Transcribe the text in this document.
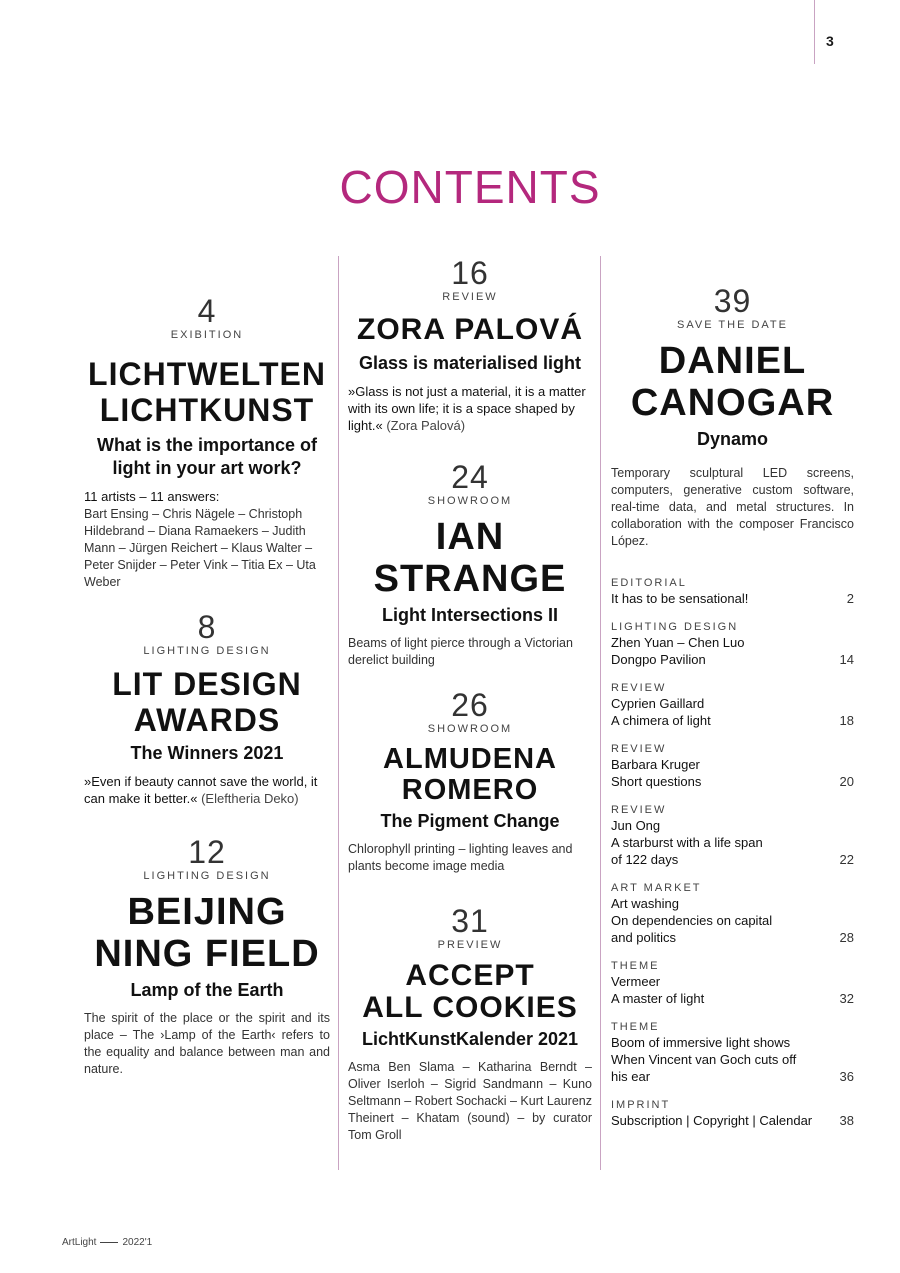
3
CONTENTS
4
EXIBITION
LICHTWELTEN
LICHTKUNST
What is the importance of
light in your art work?
11 artists – 11 answers:
Bart Ensing – Chris Nägele – Christoph Hildebrand – Diana Ramaekers – Judith Mann – Jürgen Reichert – Klaus Walter – Peter Snijder – Peter Vink – Titia Ex – Uta Weber
8
LIGHTING DESIGN
LIT DESIGN
AWARDS
The Winners 2021
»Even if beauty cannot save the world, it can make it better.« (Eleftheria Deko)
12
LIGHTING DESIGN
BEIJING
NING FIELD
Lamp of the Earth
The spirit of the place or the spirit and its place – The ›Lamp of the Earth‹ refers to the equality and balance between man and nature.
16
REVIEW
ZORA PALOVÁ
Glass is materialised light
»Glass is not just a material, it is a matter with its own life; it is a space shaped by light.« (Zora Palová)
24
SHOWROOM
IAN
STRANGE
Light Intersections II
Beams of light pierce through a Victorian derelict building
26
SHOWROOM
ALMUDENA
ROMERO
The Pigment Change
Chlorophyll printing – lighting leaves and plants become image media
31
PREVIEW
ACCEPT
ALL COOKIES
LichtKunstKalender 2021
Asma Ben Slama – Katharina Berndt – Oliver Iserloh – Sigrid Sandmann – Kuno Seltmann – Robert Sochacki – Kurt Laurenz Theinert – Khatam (sound) – by curator Tom Groll
39
SAVE THE DATE
DANIEL
CANOGAR
Dynamo
Temporary sculptural LED screens, computers, generative custom software, real-time data, and metal structures. In collaboration with the composer Francisco López.
EDITORIAL
It has to be sensational!	2
LIGHTING DESIGN
Zhen Yuan – Chen Luo
Dongpo Pavilion	14
REVIEW
Cyprien Gaillard
A chimera of light	18
REVIEW
Barbara Kruger
Short questions	20
REVIEW
Jun Ong
A starburst with a life span
of 122 days	22
ART MARKET
Art washing
On dependencies on capital
and politics	28
THEME
Vermeer
A master of light	32
THEME
Boom of immersive light shows
When Vincent van Goch cuts off
his ear	36
IMPRINT
Subscription | Copyright | Calendar	38
ArtLight	2022'1
